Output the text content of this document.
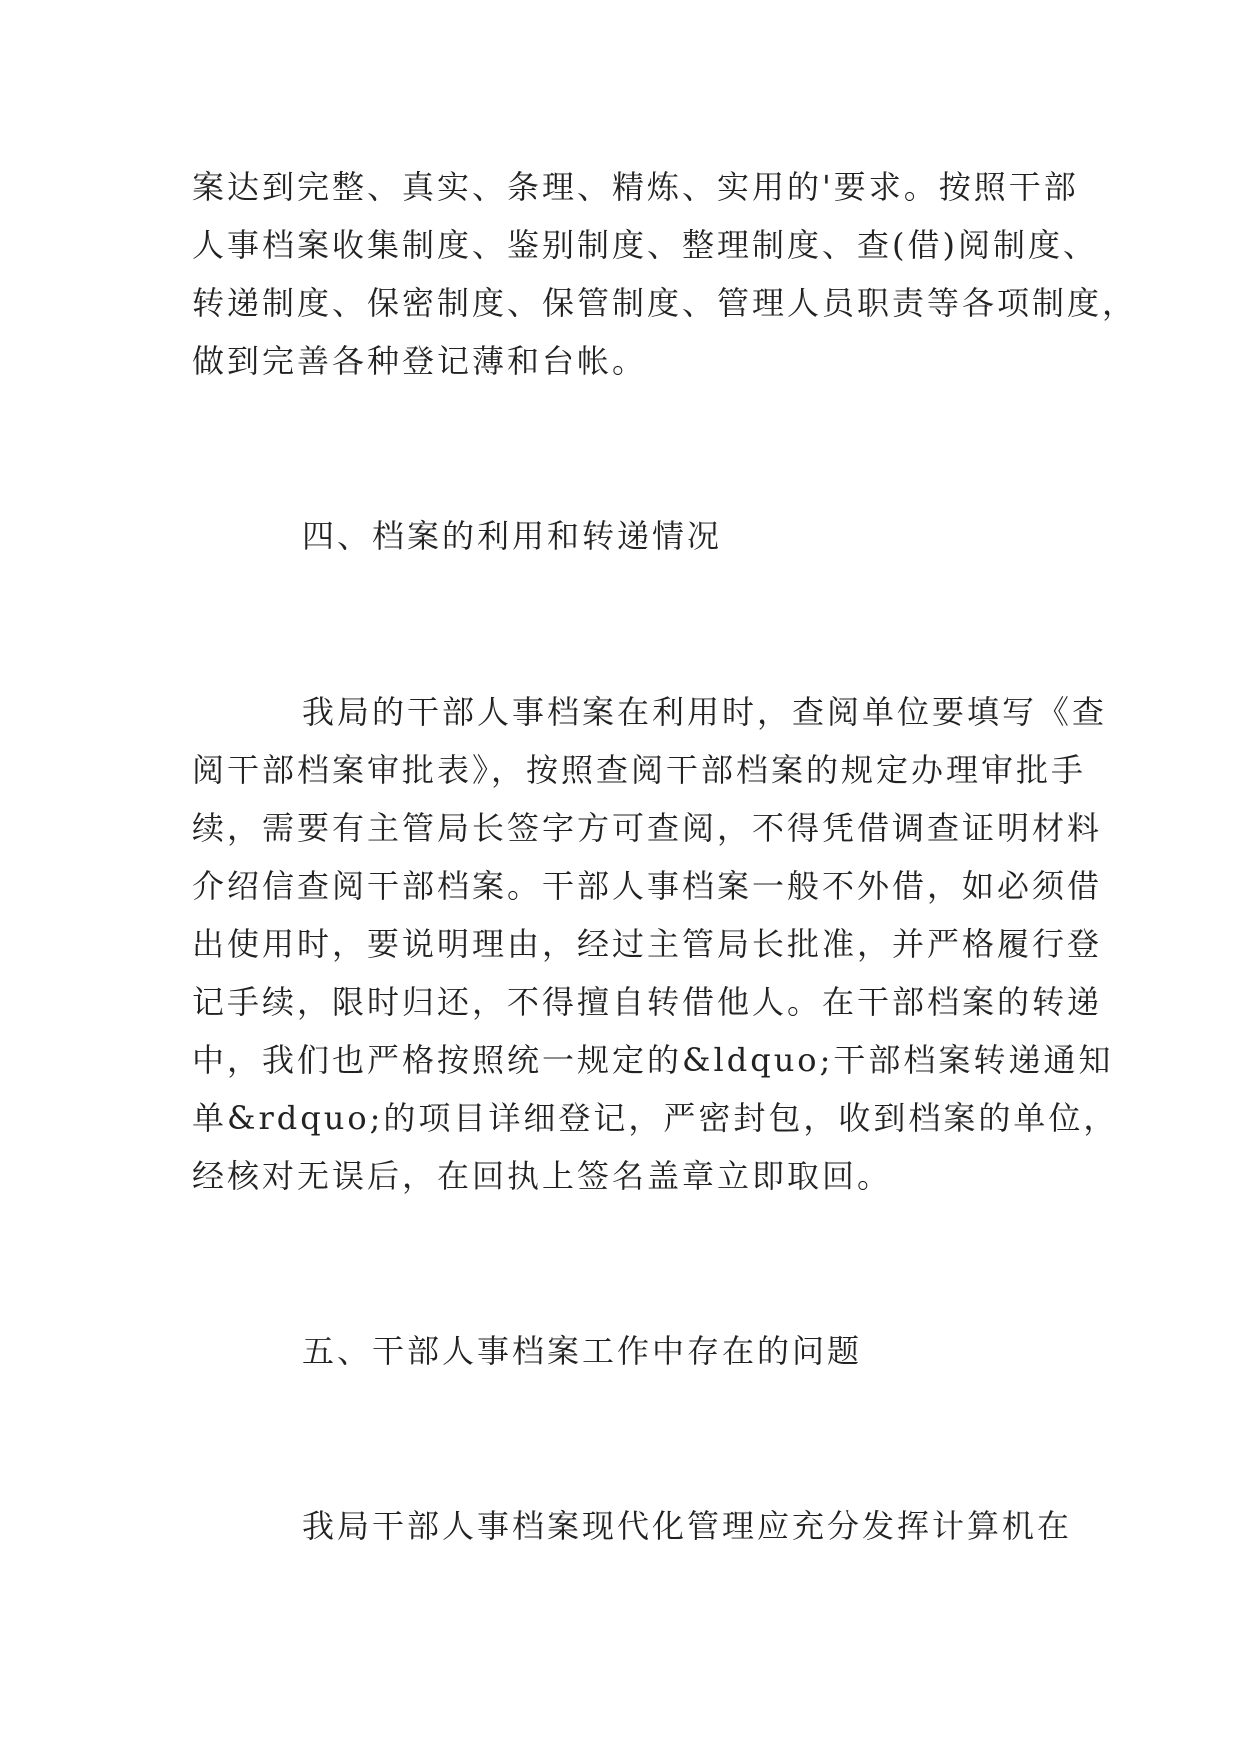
案达到完整、真实、条理、精炼、实用的'要求。按照干部
人事档案收集制度、鉴别制度、整理制度、查(借)阅制度、
转递制度、保密制度、保管制度、管理人员职责等各项制度，
做到完善各种登记薄和台帐。
四、档案的利用和转递情况
我局的干部人事档案在利用时，查阅单位要填写《查
阅干部档案审批表》，按照查阅干部档案的规定办理审批手
续，需要有主管局长签字方可查阅，不得凭借调查证明材料
介绍信查阅干部档案。干部人事档案一般不外借，如必须借
出使用时，要说明理由，经过主管局长批准，并严格履行登
记手续，限时归还，不得擅自转借他人。在干部档案的转递
中，我们也严格按照统一规定的&ldquo;干部档案转递通知
单&rdquo;的项目详细登记，严密封包，收到档案的单位，
经核对无误后，在回执上签名盖章立即取回。
五、干部人事档案工作中存在的问题
我局干部人事档案现代化管理应充分发挥计算机在
